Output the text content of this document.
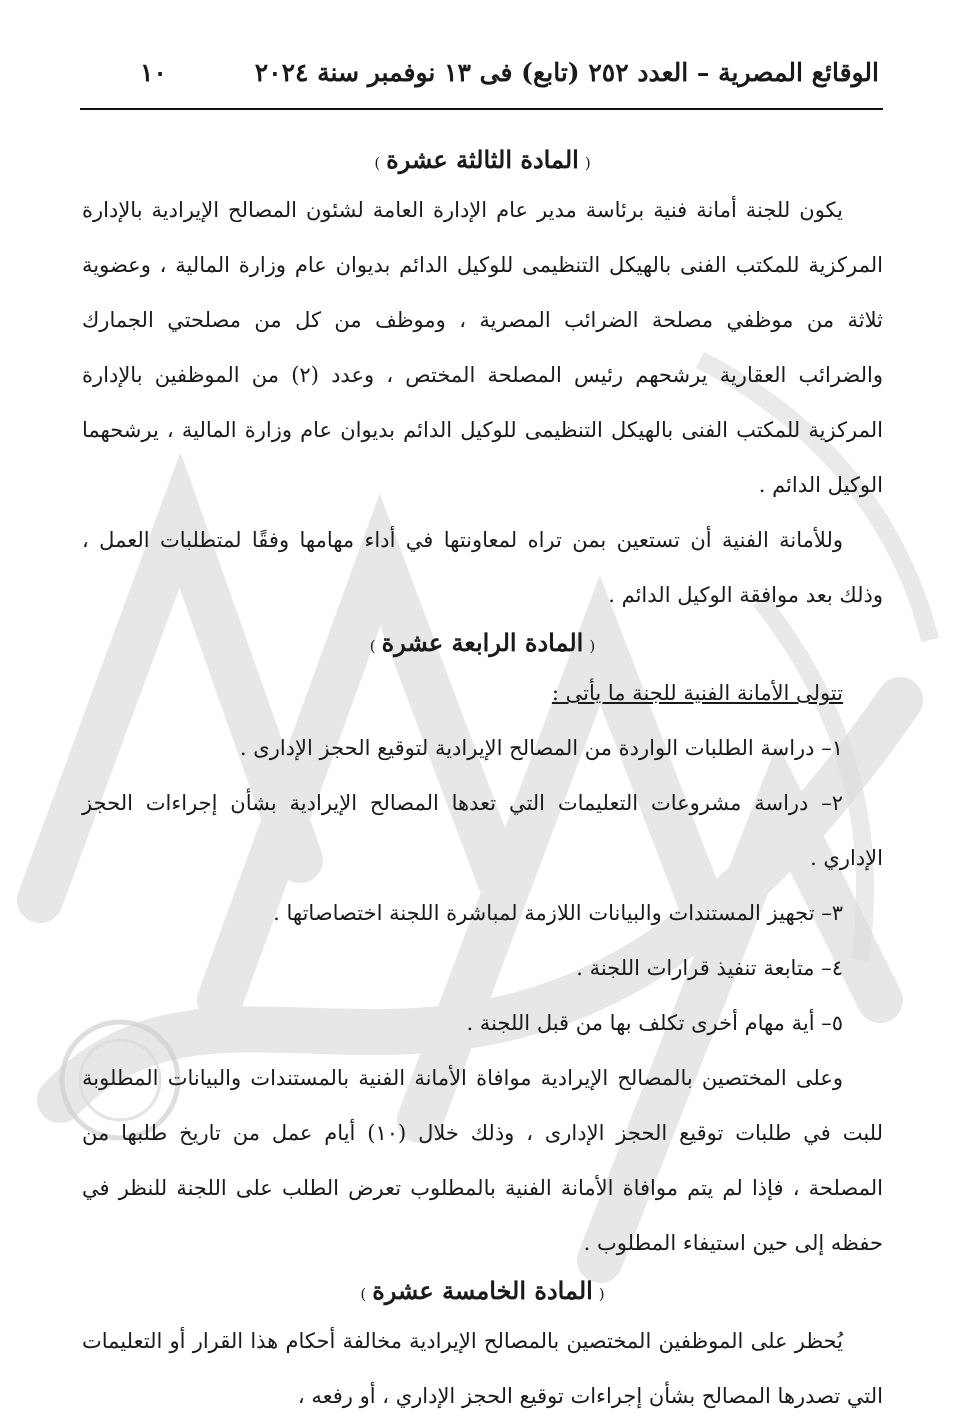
الوقائع المصرية – العدد ٢٥٢ (تابع) فى ١٣ نوفمبر سنة ٢٠٢٤
١٠
(المادة الثالثة عشرة)

يكون للجنة أمانة فنية برئاسة مدير عام الإدارة العامة لشئون المصالح الإيرادية بالإدارة المركزية للمكتب الفنى بالهيكل التنظيمى للوكيل الدائم بديوان عام وزارة المالية ، وعضوية ثلاثة من موظفي مصلحة الضرائب المصرية ، وموظف من كل من مصلحتي الجمارك والضرائب العقارية يرشحهم رئيس المصلحة المختص ، وعدد (٢) من الموظفين بالإدارة المركزية للمكتب الفنى بالهيكل التنظيمى للوكيل الدائم بديوان عام وزارة المالية ، يرشحهما الوكيل الدائم .

وللأمانة الفنية أن تستعين بمن تراه لمعاونتها في أداء مهامها وفقًا لمتطلبات العمل ، وذلك بعد موافقة الوكيل الدائم .

(المادة الرابعة عشرة)

تتولى الأمانة الفنية للجنة ما يأتى :

١– دراسة الطلبات الواردة من المصالح الإيرادية لتوقيع الحجز الإدارى .

٢– دراسة مشروعات التعليمات التي تعدها المصالح الإيرادية بشأن إجراءات الحجز الإداري .

٣– تجهيز المستندات والبيانات اللازمة لمباشرة اللجنة اختصاصاتها .

٤– متابعة تنفيذ قرارات اللجنة .

٥– أية مهام أخرى تكلف بها من قبل اللجنة .

وعلى المختصين بالمصالح الإيرادية موافاة الأمانة الفنية بالمستندات والبيانات المطلوبة للبت في طلبات توقيع الحجز الإدارى ، وذلك خلال (١٠) أيام عمل من تاريخ طلبها من المصلحة ، فإذا لم يتم موافاة الأمانة الفنية بالمطلوب تعرض الطلب على اللجنة للنظر في حفظه إلى حين استيفاء المطلوب .

(المادة الخامسة عشرة)

يُحظر على الموظفين المختصين بالمصالح الإيرادية مخالفة أحكام هذا القرار أو التعليمات التي تصدرها المصالح بشأن إجراءات توقيع الحجز الإداري ، أو رفعه ،
